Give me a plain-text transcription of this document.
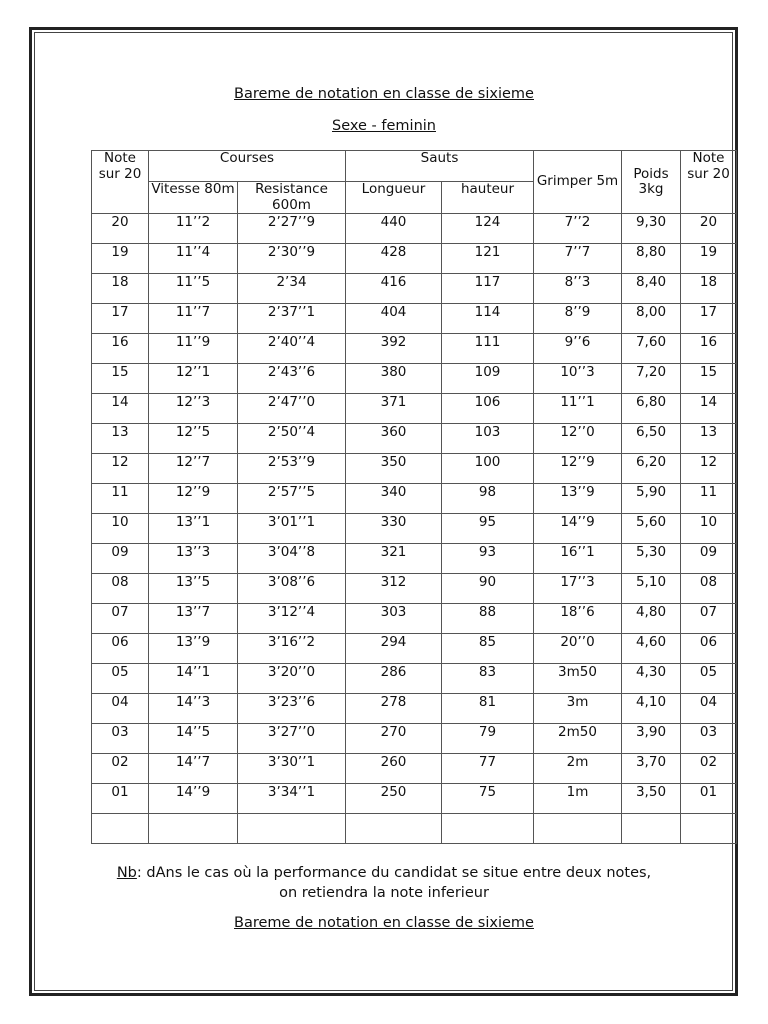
Bareme de notation en classe de sixieme
Sexe - feminin
Note sur 20	Courses		Sauts		Grimper 5m	Poids 3kg	Note sur 20
	Vitesse 80m	Resistance 600m	Longueur	hauteur			
20	11’’2	2’27’’9	440	124	7’’2	9,30	20
19	11’’4	2’30’’9	428	121	7’’7	8,80	19
18	11’’5	2’34	416	117	8’’3	8,40	18
17	11’’7	2’37’’1	404	114	8’’9	8,00	17
16	11’’9	2’40’’4	392	111	9’’6	7,60	16
15	12’’1	2’43’’6	380	109	10’’3	7,20	15
14	12’’3	2’47’’0	371	106	11’’1	6,80	14
13	12’’5	2’50’’4	360	103	12’’0	6,50	13
12	12’’7	2’53’’9	350	100	12’’9	6,20	12
11	12’’9	2’57’’5	340	98	13’’9	5,90	11
10	13’’1	3’01’’1	330	95	14’’9	5,60	10
09	13’’3	3’04’’8	321	93	16’’1	5,30	09
08	13’’5	3’08’’6	312	90	17’’3	5,10	08
07	13’’7	3’12’’4	303	88	18’’6	4,80	07
06	13’’9	3’16’’2	294	85	20’’0	4,60	06
05	14’’1	3’20’’0	286	83	3m50	4,30	05
04	14’’3	3’23’’6	278	81	3m	4,10	04
03	14’’5	3’27’’0	270	79	2m50	3,90	03
02	14’’7	3’30’’1	260	77	2m	3,70	02
01	14’’9	3’34’’1	250	75	1m	3,50	01

Nb: dAns le cas où la performance du candidat se situe entre deux notes,
on retiendra la note inferieur
Bareme de notation en classe de sixieme
